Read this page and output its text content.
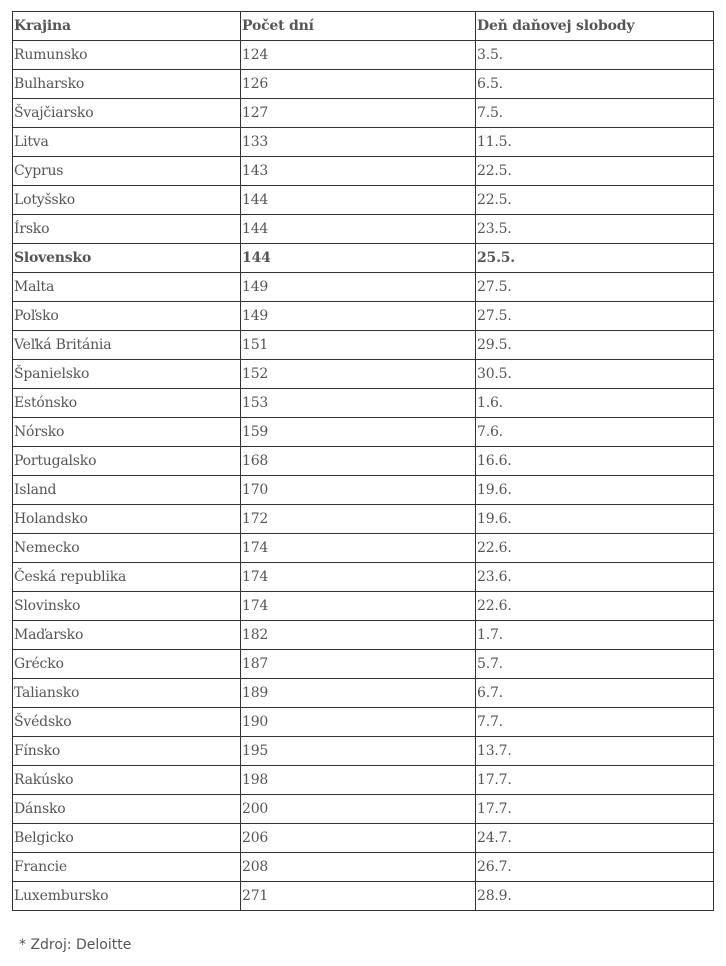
Krajina	Počet dní	Deň daňovej slobody
Rumunsko	124	3.5.
Bulharsko	126	6.5.
Švajčiarsko	127	7.5.
Litva	133	11.5.
Cyprus	143	22.5.
Lotyšsko	144	22.5.
Írsko	144	23.5.
Slovensko	144	25.5.
Malta	149	27.5.
Poľsko	149	27.5.
Veľká Británia	151	29.5.
Španielsko	152	30.5.
Estónsko	153	1.6.
Nórsko	159	7.6.
Portugalsko	168	16.6.
Island	170	19.6.
Holandsko	172	19.6.
Nemecko	174	22.6.
Česká republika	174	23.6.
Slovinsko	174	22.6.
Maďarsko	182	1.7.
Grécko	187	5.7.
Taliansko	189	6.7.
Švédsko	190	7.7.
Fínsko	195	13.7.
Rakúsko	198	17.7.
Dánsko	200	17.7.
Belgicko	206	24.7.
Francie	208	26.7.
Luxembursko	271	28.9.
* Zdroj: Deloitte
